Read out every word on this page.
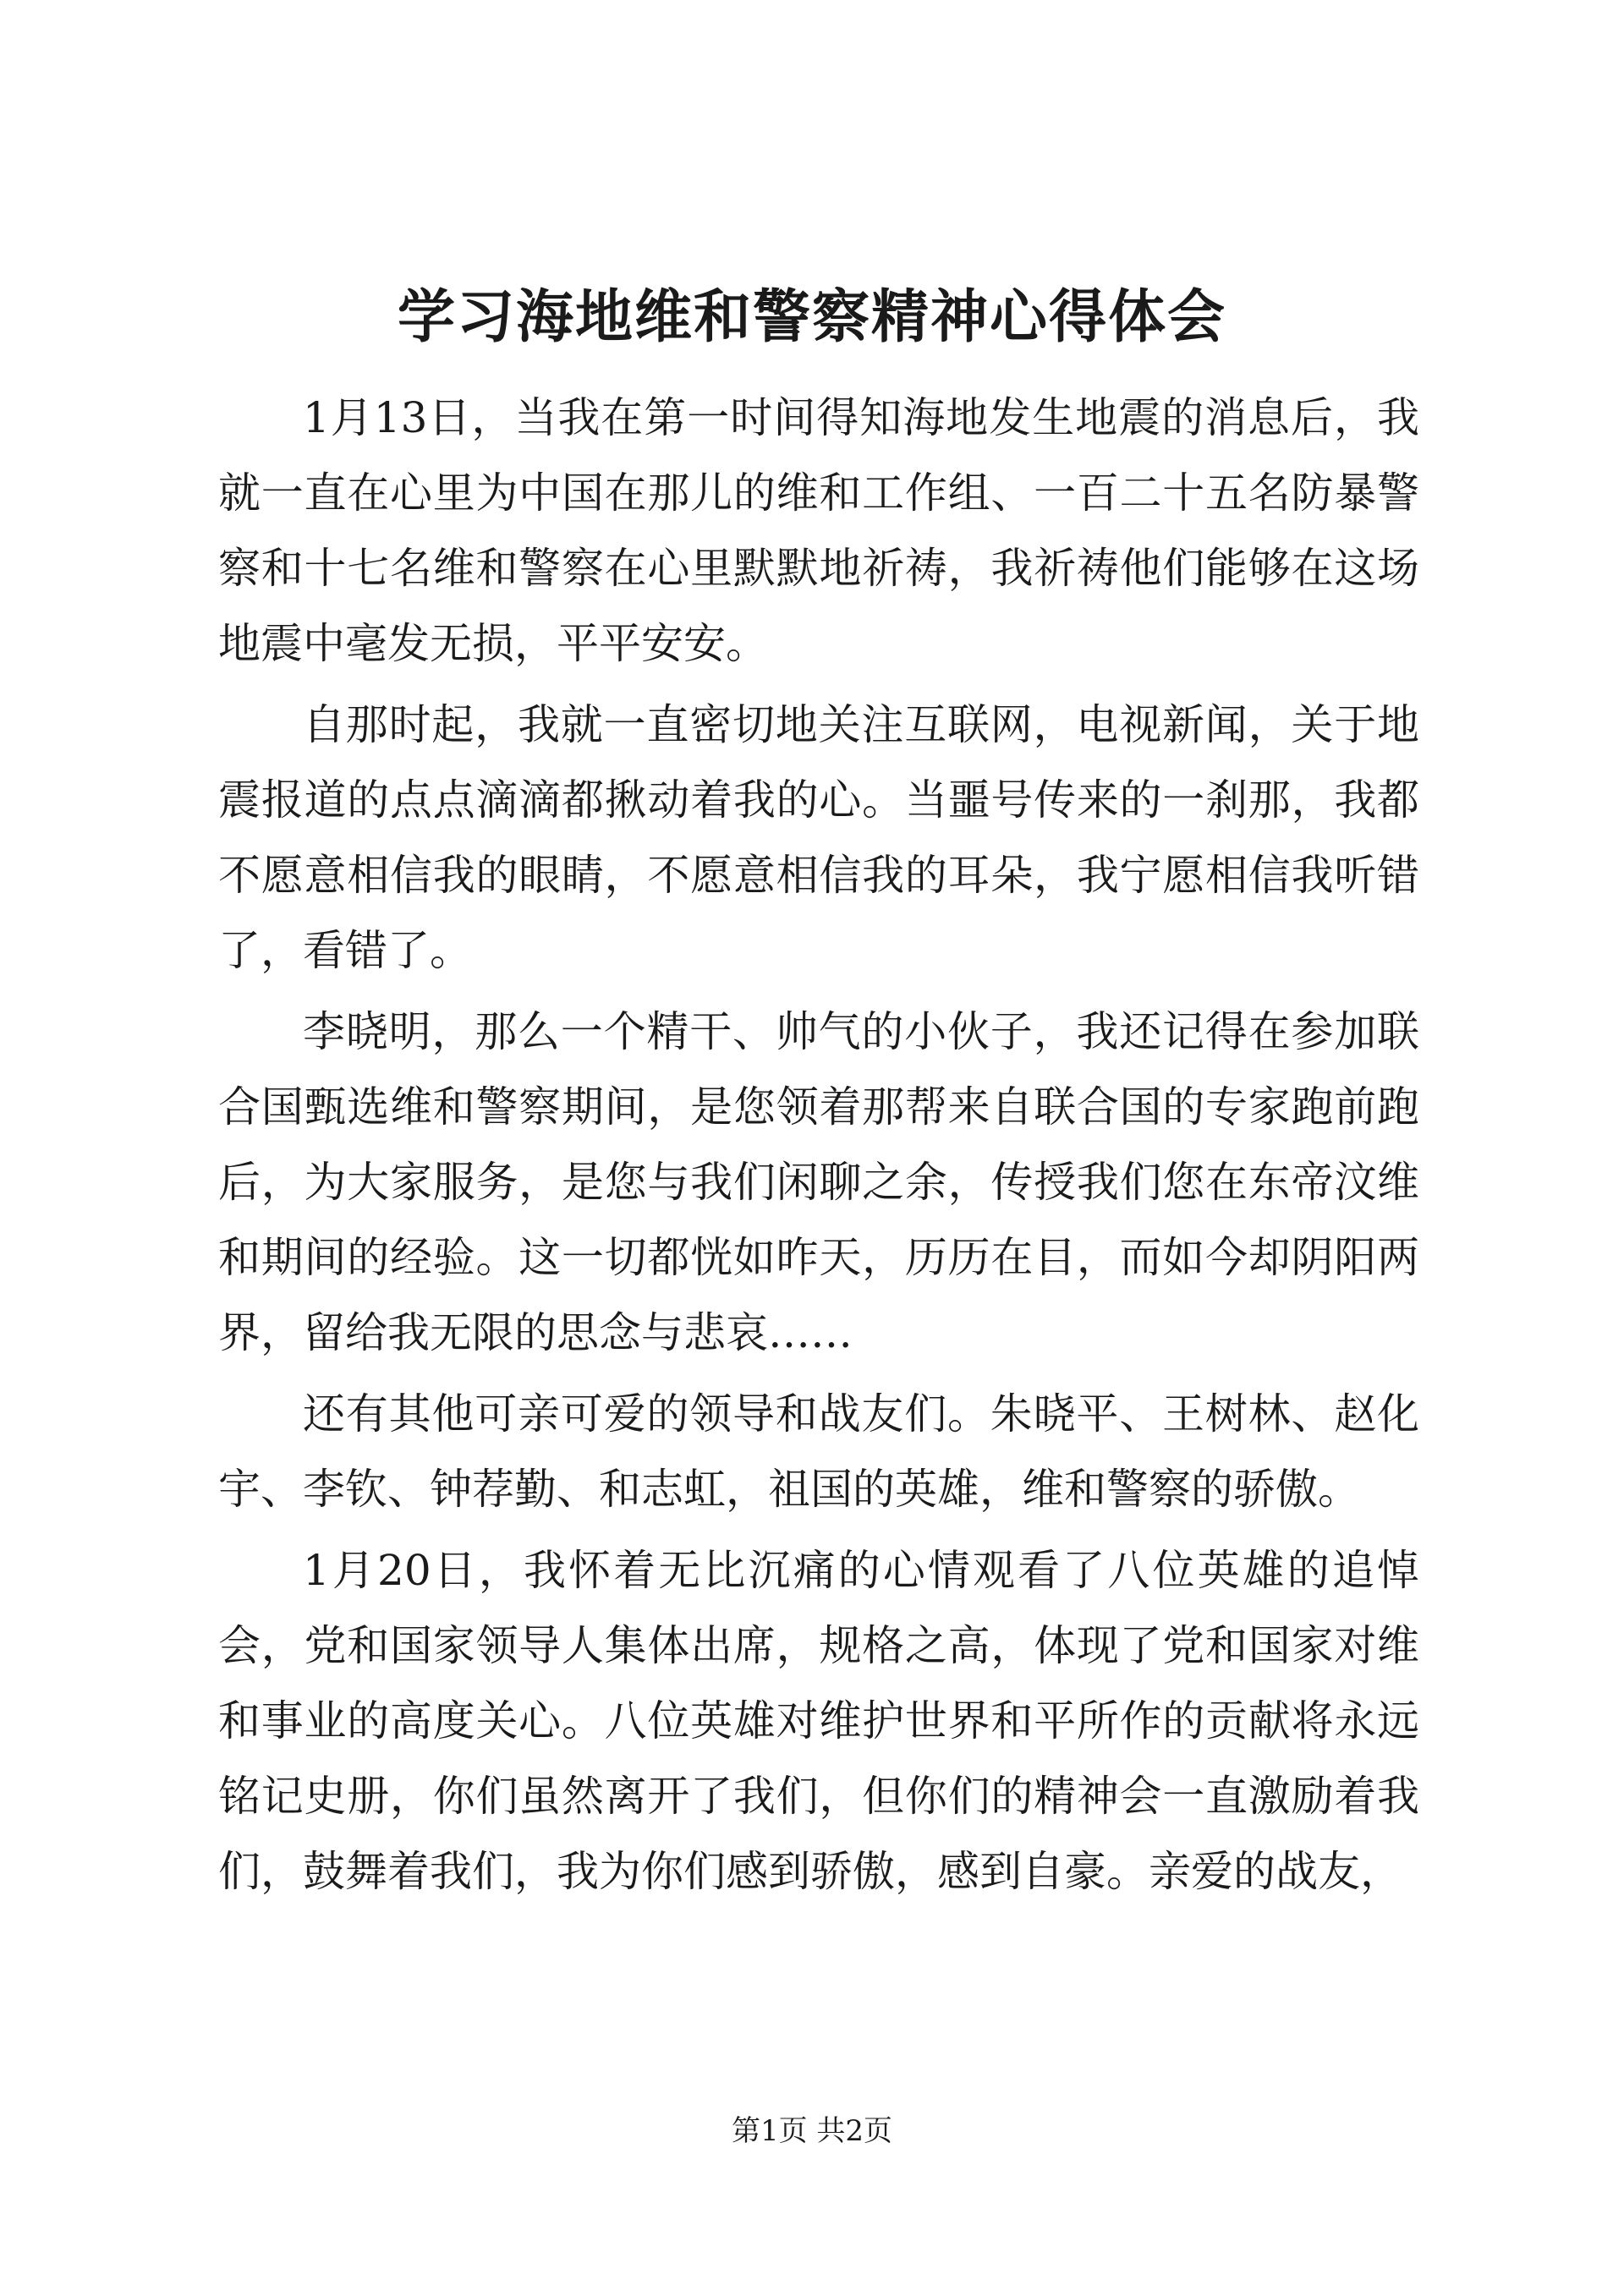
学习海地维和警察精神心得体会

1月13日，当我在第一时间得知海地发生地震的消息后，我就一直在心里为中国在那儿的维和工作组、一百二十五名防暴警察和十七名维和警察在心里默默地祈祷，我祈祷他们能够在这场地震中毫发无损，平平安安。

自那时起，我就一直密切地关注互联网，电视新闻，关于地震报道的点点滴滴都揪动着我的心。当噩号传来的一刹那，我都不愿意相信我的眼睛，不愿意相信我的耳朵，我宁愿相信我听错了，看错了。

李晓明，那么一个精干、帅气的小伙子，我还记得在参加联合国甄选维和警察期间，是您领着那帮来自联合国的专家跑前跑后，为大家服务，是您与我们闲聊之余，传授我们您在东帝汶维和期间的经验。这一切都恍如昨天，历历在目，而如今却阴阳两界，留给我无限的思念与悲哀……

还有其他可亲可爱的领导和战友们。朱晓平、王树林、赵化宇、李钦、钟荐勤、和志虹，祖国的英雄，维和警察的骄傲。

1月20日，我怀着无比沉痛的心情观看了八位英雄的追悼会，党和国家领导人集体出席，规格之高，体现了党和国家对维和事业的高度关心。八位英雄对维护世界和平所作的贡献将永远铭记史册，你们虽然离开了我们，但你们的精神会一直激励着我们，鼓舞着我们，我为你们感到骄傲，感到自豪。亲爱的战友，

第1页 共2页
